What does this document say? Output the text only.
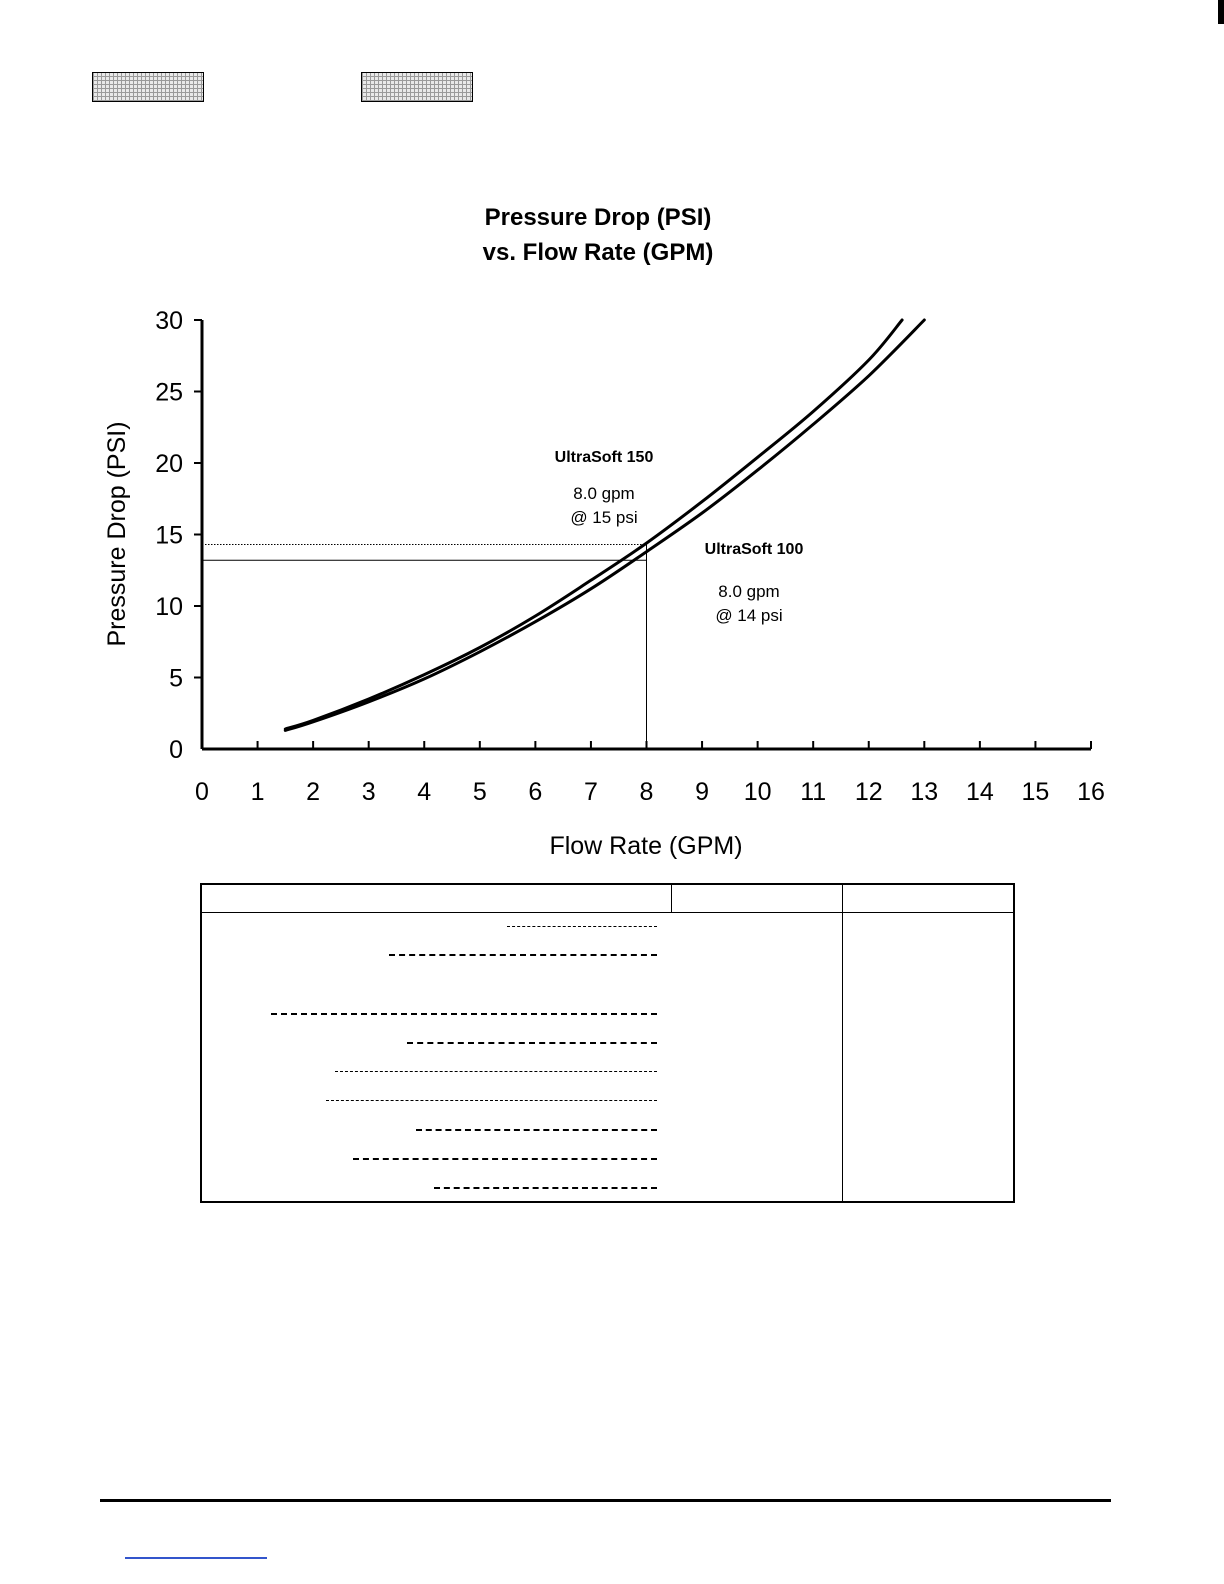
Pressure Drop (PSI)
vs. Flow Rate (GPM)
0 1 2 3 4 5 6 7 8 9 10 11 12 13 14 15 16
0
5
10
15
20
25
30
Flow Rate (GPM)
Pressure Drop (PSI)	UltraSoft 150
8.0 gpm
@ 15 psi
UltraSoft 100
8.0 gpm
@ 14 psi
